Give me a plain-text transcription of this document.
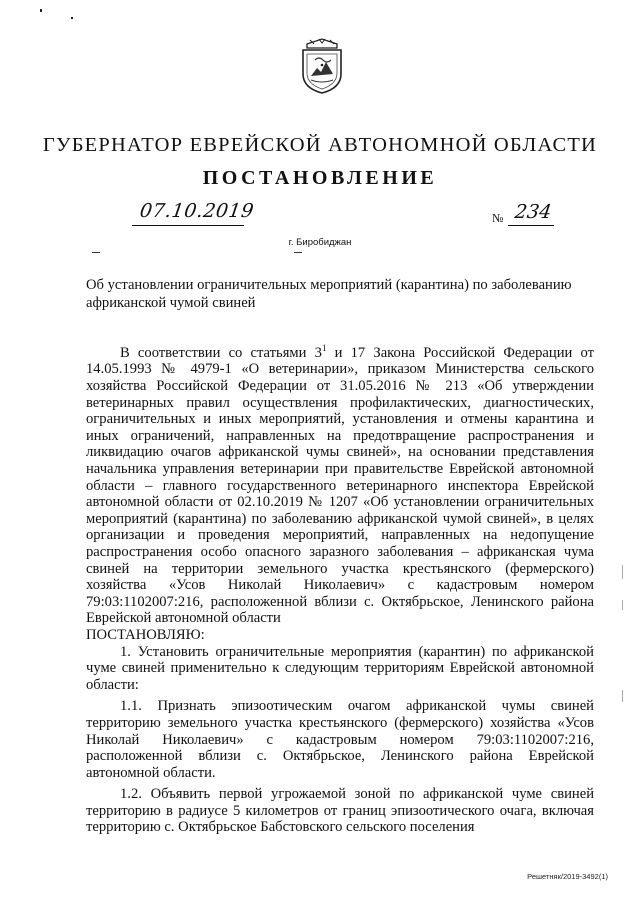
ГУБЕРНАТОР ЕВРЕЙСКОЙ АВТОНОМНОЙ ОБЛАСТИ
ПОСТАНОВЛЕНИЕ
07.10.2019	№ 234
г. Биробиджан
Об установлении ограничительных мероприятий (карантина) по заболеванию африканской чумой свиней

В соответствии со статьями $3^1$ и 17 Закона Российской Федерации от 14.05.1993 № 4979-1 «О ветеринарии», приказом Министерства сельского хозяйства Российской Федерации от 31.05.2016 № 213 «Об утверждении ветеринарных правил осуществления профилактических, диагностических, ограничительных и иных мероприятий, установления и отмены карантина и иных ограничений, направленных на предотвращение распространения и ликвидацию очагов африканской чумы свиней», на основании представления начальника управления ветеринарии при правительстве Еврейской автономной области – главного государственного ветеринарного инспектора Еврейской автономной области от 02.10.2019 № 1207 «Об установлении ограничительных мероприятий (карантина) по заболеванию африканской чумой свиней», в целях организации и проведения мероприятий, направленных на недопущение распространения особо опасного заразного заболевания – африканская чума свиней на территории земельного участка крестьянского (фермерского) хозяйства «Усов Николай Николаевич» с кадастровым номером 79:03:1102007:216, расположенной вблизи с. Октябрьское, Ленинского района Еврейской автономной области

ПОСТАНОВЛЯЮ:

1. Установить ограничительные мероприятия (карантин) по африканской чуме свиней применительно к следующим территориям Еврейской автономной области:

1.1. Признать эпизоотическим очагом африканской чумы свиней территорию земельного участка крестьянского (фермерского) хозяйства «Усов Николай Николаевич» с кадастровым номером 79:03:1102007:216, расположенной вблизи с. Октябрьское, Ленинского района Еврейской автономной области.

1.2. Объявить первой угрожаемой зоной по африканской чуме свиней территорию в радиусе 5 километров от границ эпизоотического очага, включая территорию с. Октябрьское Бабстовского сельского поселения

Решетняк/2019-3492(1)
